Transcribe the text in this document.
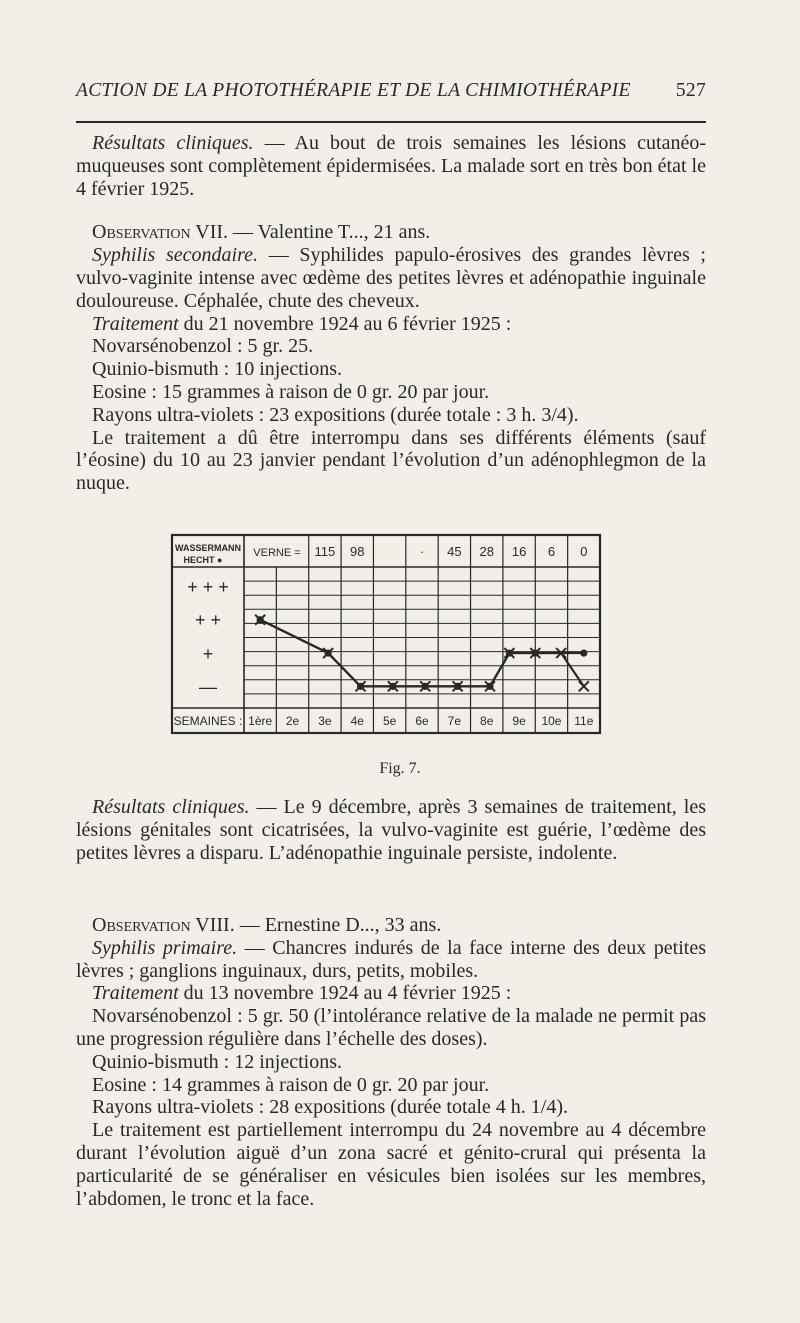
ACTION DE LA PHOTOTHÉRAPIE ET DE LA CHIMIOTHÉRAPIE 527

Résultats cliniques. — Au bout de trois semaines les lésions cutanéo-muqueuses sont complètement épidermisées. La malade sort en très bon état le 4 février 1925.

Observation VII. — Valentine T..., 21 ans.

Syphilis secondaire. — Syphilides papulo-érosives des grandes lèvres ; vulvo-vaginite intense avec œdème des petites lèvres et adénopathie inguinale douloureuse. Céphalée, chute des cheveux.

Traitement du 21 novembre 1924 au 6 février 1925 :

Novarsénobenzol : 5 gr. 25.

Quinio-bismuth : 10 injections.

Eosine : 15 grammes à raison de 0 gr. 20 par jour.

Rayons ultra-violets : 23 expositions (durée totale : 3 h. 3/4).

Le traitement a dû être interrompu dans ses différents éléments (sauf l’éosine) du 10 au 23 janvier pendant l’évolution d’un adénophlegmon de la nuque.

WASSERMANN
HECHT ●
VERNE = 115 98	· 45 28 16 6 0
+ + +
+ +
+
—
SEMAINES : 1ère 2e 3e 4e 5e 6e 7e 8e 9e 10e 11e
Fig. 7.

Résultats cliniques. — Le 9 décembre, après 3 semaines de traitement, les lésions génitales sont cicatrisées, la vulvo-vaginite est guérie, l’œdème des petites lèvres a disparu. L’adénopathie inguinale persiste, indolente.

Observation VIII. — Ernestine D..., 33 ans.

Syphilis primaire. — Chancres indurés de la face interne des deux petites lèvres ; ganglions inguinaux, durs, petits, mobiles.

Traitement du 13 novembre 1924 au 4 février 1925 :

Novarsénobenzol : 5 gr. 50 (l’intolérance relative de la malade ne permit pas une progression régulière dans l’échelle des doses).

Quinio-bismuth : 12 injections.

Eosine : 14 grammes à raison de 0 gr. 20 par jour.

Rayons ultra-violets : 28 expositions (durée totale 4 h. 1/4).

Le traitement est partiellement interrompu du 24 novembre au 4 décembre durant l’évolution aiguë d’un zona sacré et génito-crural qui présenta la particularité de se généraliser en vésicules bien isolées sur les membres, l’abdomen, le tronc et la face.
